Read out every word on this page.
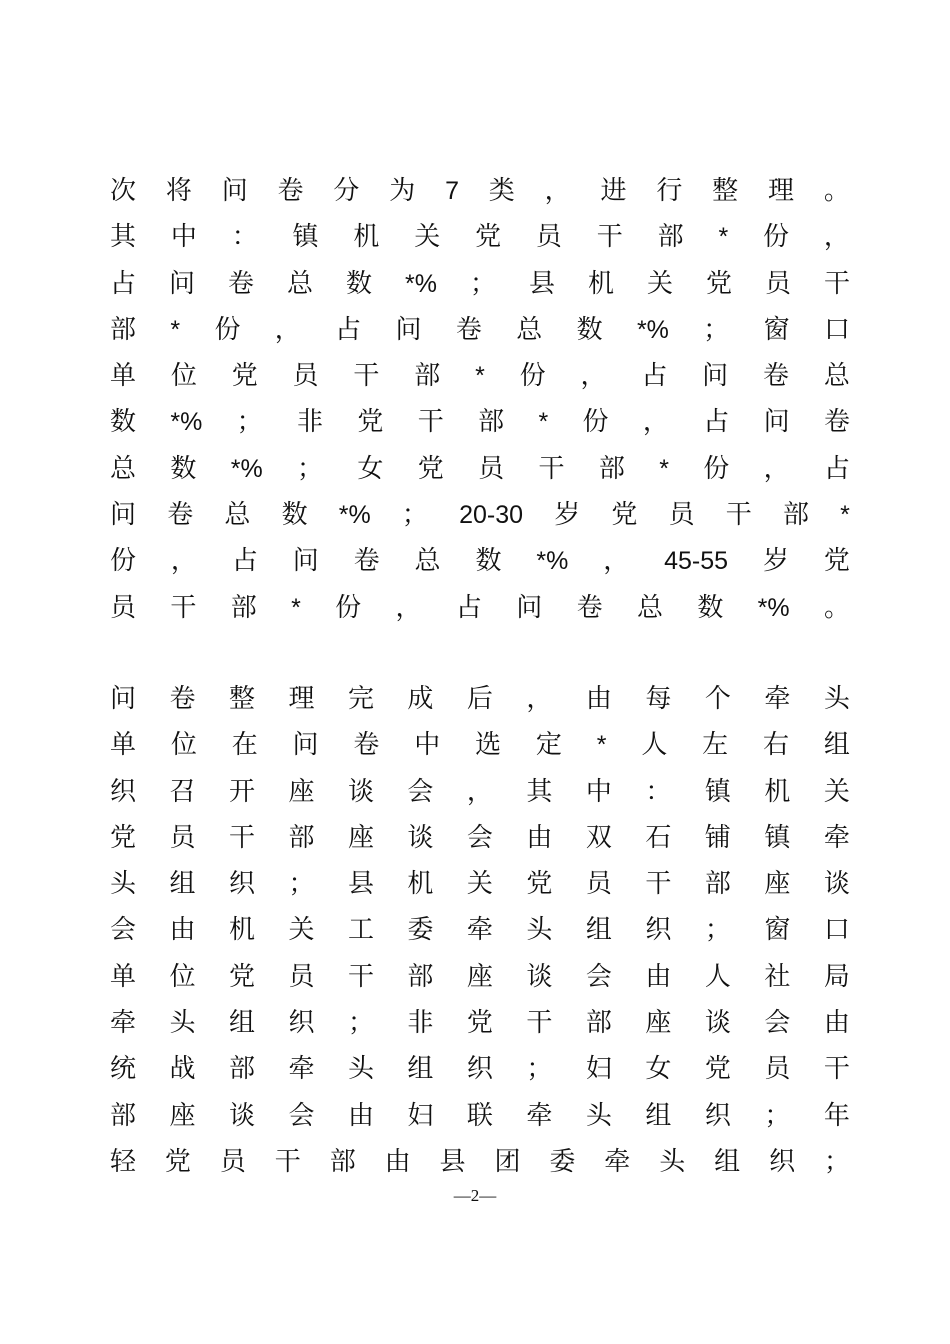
次 将 问 卷 分 为 7 类 ， 进 行 整 理 。
其 中 ： 镇 机 关 党 员 干 部 * 份 ，
占 问 卷 总 数 *% ； 县 机 关 党 员 干
部 * 份 ， 占 问 卷 总 数 *% ； 窗 口
单 位 党 员 干 部 * 份 ， 占 问 卷 总
数 *% ； 非 党 干 部 * 份 ， 占 问 卷
总 数 *% ； 女 党 员 干 部 * 份 ， 占
问 卷 总 数 *% ； 20-30 岁 党 员 干 部 *
份 ， 占 问 卷 总 数 *% ， 45-55 岁 党
员 干 部 * 份 ， 占 问 卷 总 数 *% 。
问 卷 整 理 完 成 后 ， 由 每 个 牵 头
单 位 在 问 卷 中 选 定 * 人 左 右 组
织 召 开 座 谈 会 ， 其 中 ： 镇 机 关
党 员 干 部 座 谈 会 由 双 石 铺 镇 牵
头 组 织 ； 县 机 关 党 员 干 部 座 谈
会 由 机 关 工 委 牵 头 组 织 ； 窗 口
单 位 党 员 干 部 座 谈 会 由 人 社 局
牵 头 组 织 ； 非 党 干 部 座 谈 会 由
统 战 部 牵 头 组 织 ； 妇 女 党 员 干
部 座 谈 会 由 妇 联 牵 头 组 织 ； 年
轻 党 员 干 部 由 县 团 委 牵 头 组 织 ；
—2—
